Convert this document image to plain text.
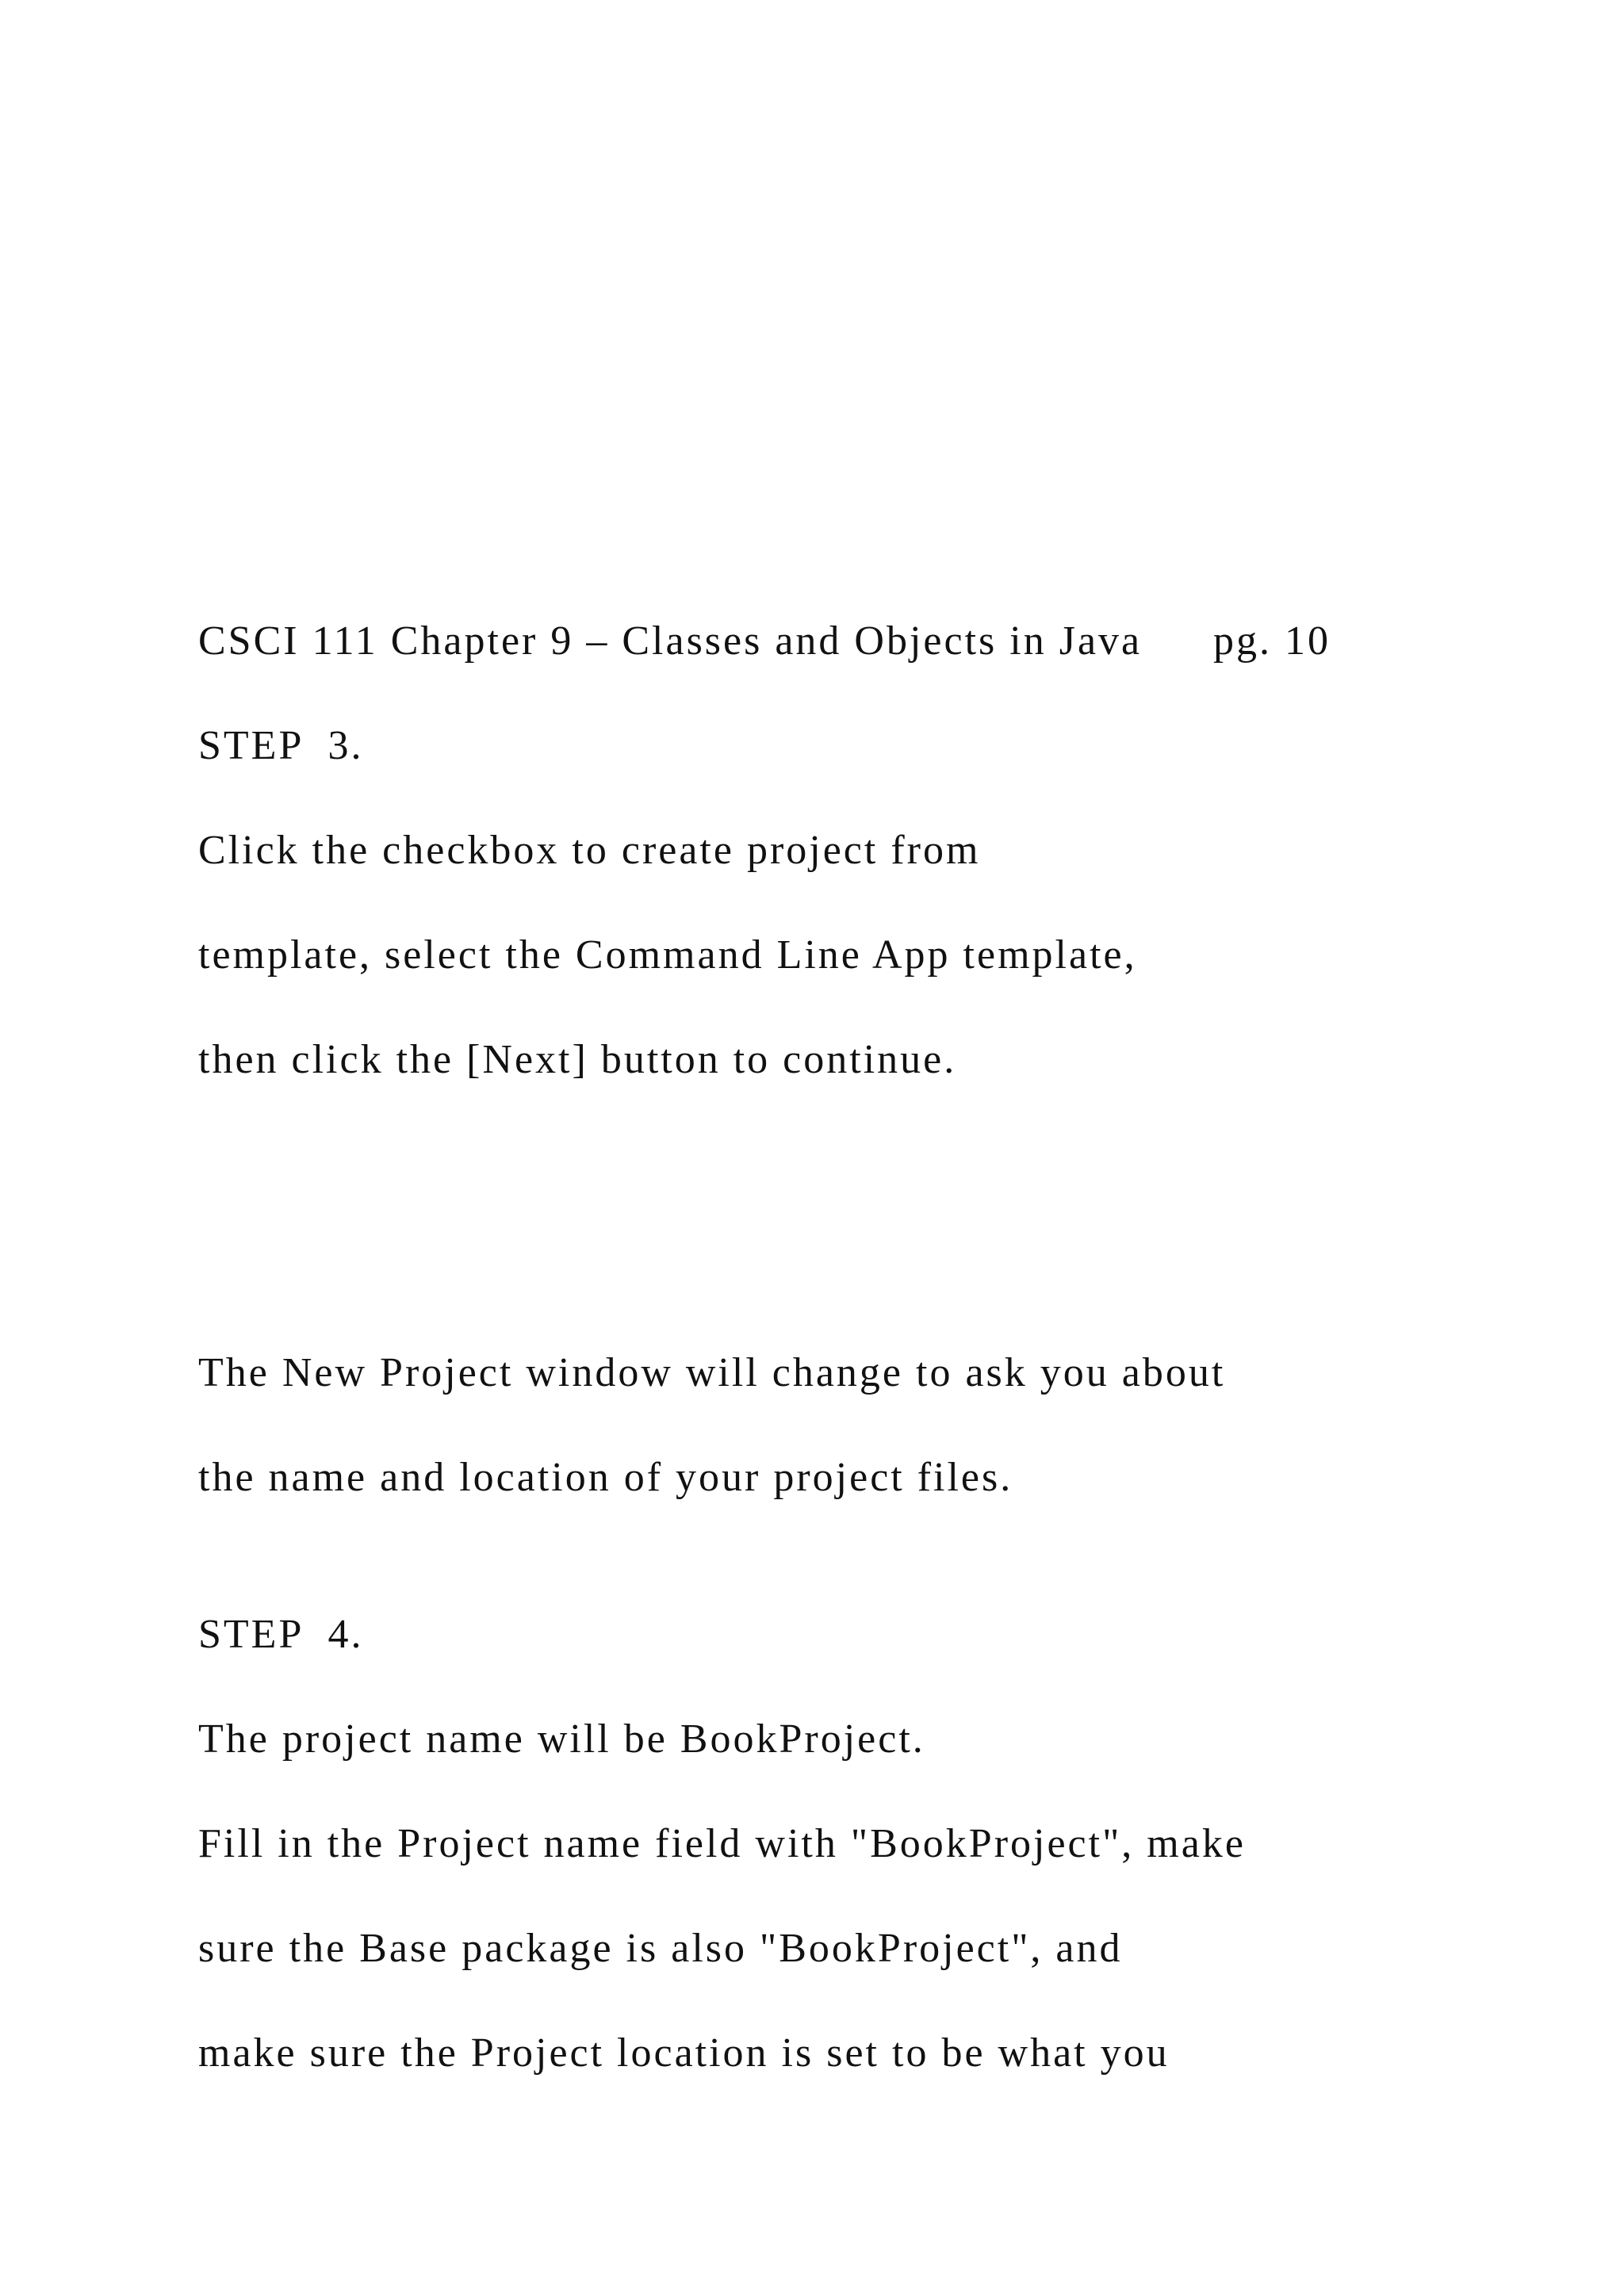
CSCI 111 Chapter 9 – Classes and Objects in Java pg. 10
STEP  3.
Click the checkbox to create project from
template, select the Command Line App template,
then click the [Next] button to continue.
The New Project window will change to ask you about
the name and location of your project files.
STEP  4.
The project name will be BookProject.
Fill in the Project name field with "BookProject", make
sure the Base package is also "BookProject", and
make sure the Project location is set to be what you
